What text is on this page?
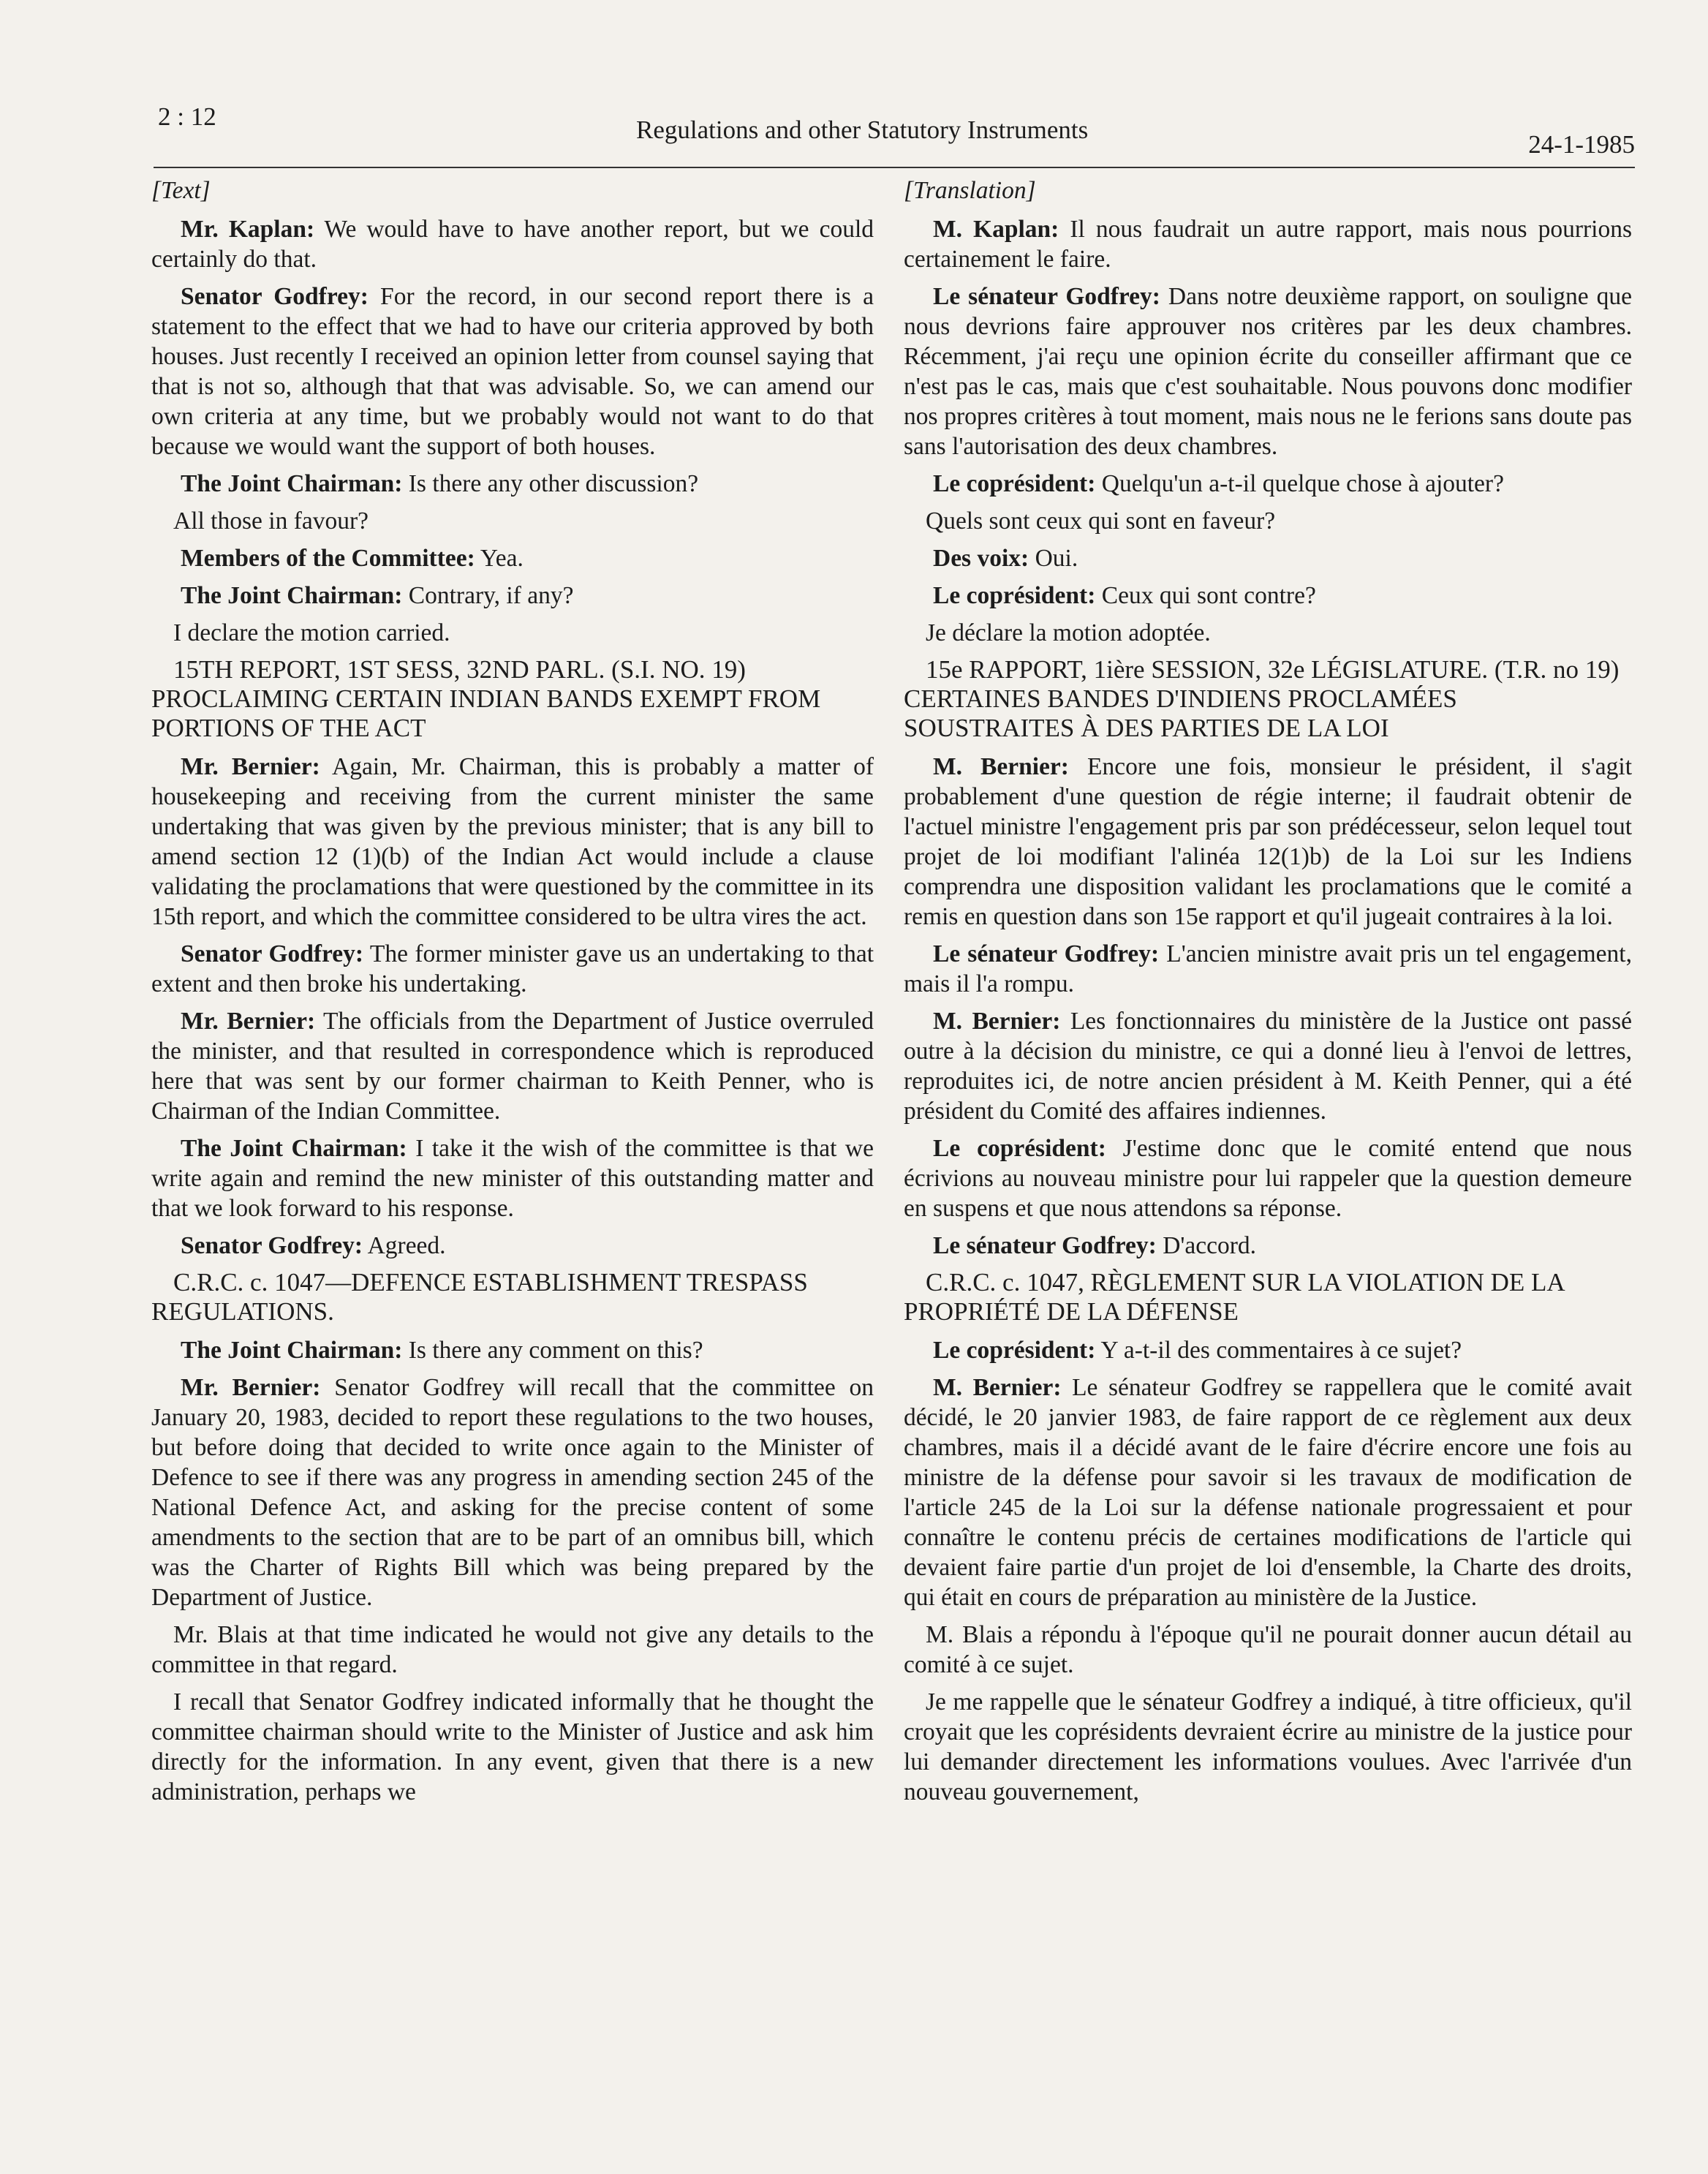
2 : 12	Regulations and other Statutory Instruments
24-1-1985

[Text]

Mr. Kaplan: We would have to have another report, but we could certainly do that.

Senator Godfrey: For the record, in our second report there is a statement to the effect that we had to have our criteria approved by both houses. Just recently I received an opinion letter from counsel saying that that is not so, although that that was advisable. So, we can amend our own criteria at any time, but we probably would not want to do that because we would want the support of both houses.

The Joint Chairman: Is there any other discussion?

All those in favour?

Members of the Committee: Yea.

The Joint Chairman: Contrary, if any?

I declare the motion carried.

15TH REPORT, 1ST SESS, 32ND PARL. (S.I. NO. 19) PROCLAIMING CERTAIN INDIAN BANDS EXEMPT FROM PORTIONS OF THE ACT

Mr. Bernier: Again, Mr. Chairman, this is probably a matter of housekeeping and receiving from the current minister the same undertaking that was given by the previous minister; that is any bill to amend section 12 (1)(b) of the Indian Act would include a clause validating the proclamations that were questioned by the committee in its 15th report, and which the committee considered to be ultra vires the act.

Senator Godfrey: The former minister gave us an undertaking to that extent and then broke his undertaking.

Mr. Bernier: The officials from the Department of Justice overruled the minister, and that resulted in correspondence which is reproduced here that was sent by our former chairman to Keith Penner, who is Chairman of the Indian Committee.

The Joint Chairman: I take it the wish of the committee is that we write again and remind the new minister of this outstanding matter and that we look forward to his response.

Senator Godfrey: Agreed.

C.R.C. c. 1047—DEFENCE ESTABLISHMENT TRESPASS REGULATIONS.

The Joint Chairman: Is there any comment on this?

Mr. Bernier: Senator Godfrey will recall that the committee on January 20, 1983, decided to report these regulations to the two houses, but before doing that decided to write once again to the Minister of Defence to see if there was any progress in amending section 245 of the National Defence Act, and asking for the precise content of some amendments to the section that are to be part of an omnibus bill, which was the Charter of Rights Bill which was being prepared by the Department of Justice.

Mr. Blais at that time indicated he would not give any details to the committee in that regard.

I recall that Senator Godfrey indicated informally that he thought the committee chairman should write to the Minister of Justice and ask him directly for the information. In any event, given that there is a new administration, perhaps we

[Translation]

M. Kaplan: Il nous faudrait un autre rapport, mais nous pourrions certainement le faire.

Le sénateur Godfrey: Dans notre deuxième rapport, on souligne que nous devrions faire approuver nos critères par les deux chambres. Récemment, j'ai reçu une opinion écrite du conseiller affirmant que ce n'est pas le cas, mais que c'est souhaitable. Nous pouvons donc modifier nos propres critères à tout moment, mais nous ne le ferions sans doute pas sans l'autorisation des deux chambres.

Le coprésident: Quelqu'un a-t-il quelque chose à ajouter?

Quels sont ceux qui sont en faveur?

Des voix: Oui.

Le coprésident: Ceux qui sont contre?

Je déclare la motion adoptée.

15e RAPPORT, 1ière SESSION, 32e LÉGISLATURE. (T.R. no 19) CERTAINES BANDES D'INDIENS PROCLAMÉES SOUSTRAITES À DES PARTIES DE LA LOI

M. Bernier: Encore une fois, monsieur le président, il s'agit probablement d'une question de régie interne; il faudrait obtenir de l'actuel ministre l'engagement pris par son prédécesseur, selon lequel tout projet de loi modifiant l'alinéa 12(1)b) de la Loi sur les Indiens comprendra une disposition validant les proclamations que le comité a remis en question dans son 15e rapport et qu'il jugeait contraires à la loi.

Le sénateur Godfrey: L'ancien ministre avait pris un tel engagement, mais il l'a rompu.

M. Bernier: Les fonctionnaires du ministère de la Justice ont passé outre à la décision du ministre, ce qui a donné lieu à l'envoi de lettres, reproduites ici, de notre ancien président à M. Keith Penner, qui a été président du Comité des affaires indiennes.

Le coprésident: J'estime donc que le comité entend que nous écrivions au nouveau ministre pour lui rappeler que la question demeure en suspens et que nous attendons sa réponse.

Le sénateur Godfrey: D'accord.

C.R.C. c. 1047, RÈGLEMENT SUR LA VIOLATION DE LA PROPRIÉTÉ DE LA DÉFENSE

Le coprésident: Y a-t-il des commentaires à ce sujet?

M. Bernier: Le sénateur Godfrey se rappellera que le comité avait décidé, le 20 janvier 1983, de faire rapport de ce règlement aux deux chambres, mais il a décidé avant de le faire d'écrire encore une fois au ministre de la défense pour savoir si les travaux de modification de l'article 245 de la Loi sur la défense nationale progressaient et pour connaître le contenu précis de certaines modifications de l'article qui devaient faire partie d'un projet de loi d'ensemble, la Charte des droits, qui était en cours de préparation au ministère de la Justice.

M. Blais a répondu à l'époque qu'il ne pourait donner aucun détail au comité à ce sujet.

Je me rappelle que le sénateur Godfrey a indiqué, à titre officieux, qu'il croyait que les coprésidents devraient écrire au ministre de la justice pour lui demander directement les informations voulues. Avec l'arrivée d'un nouveau gouvernement,
